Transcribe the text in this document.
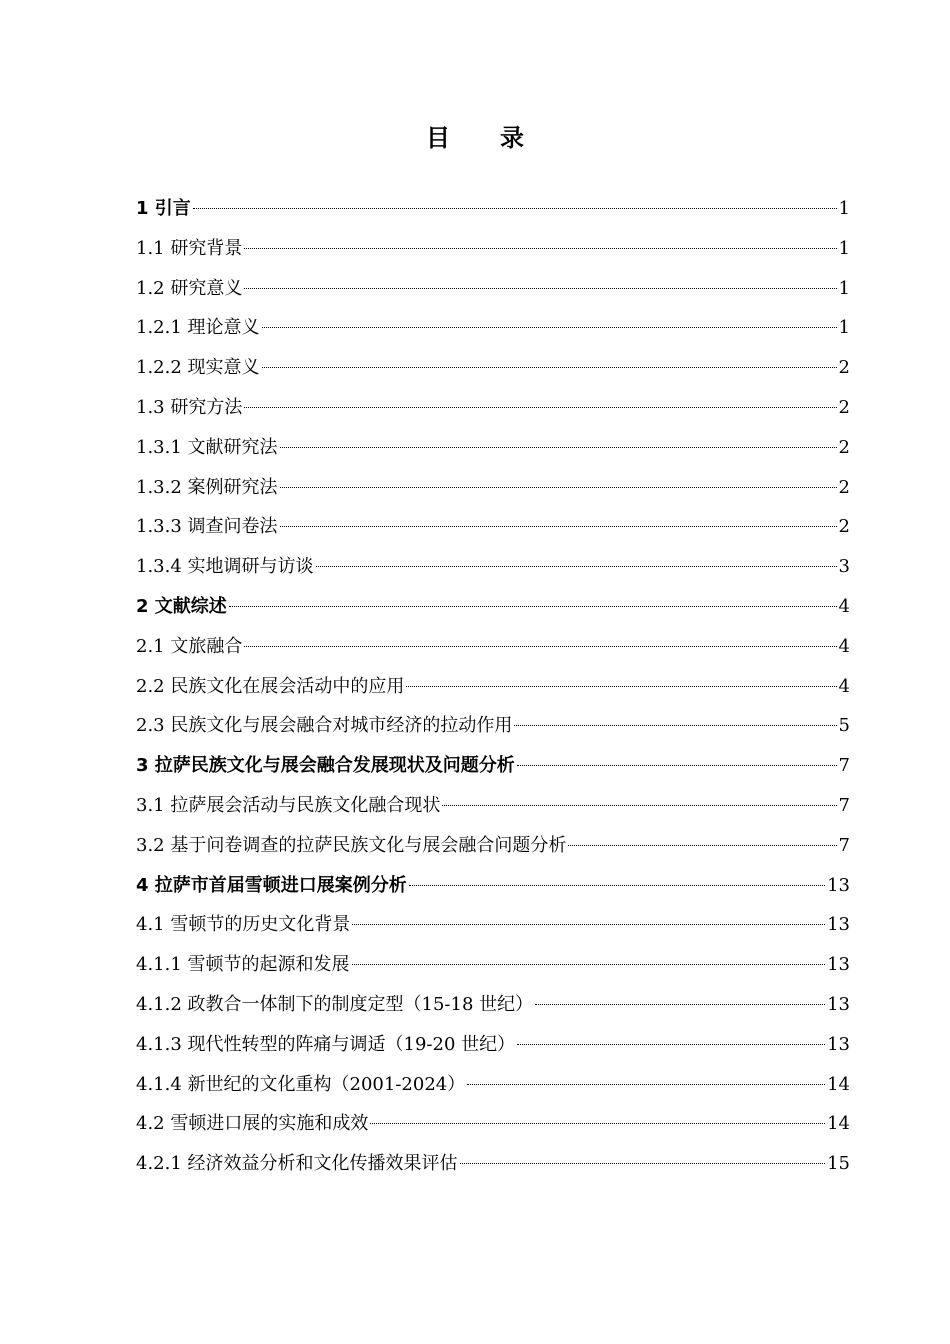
目 录
1 引言	1
1.1 研究背景	1
1.2 研究意义	1
1.2.1 理论意义	1
1.2.2 现实意义	2
1.3 研究方法	2
1.3.1 文献研究法	2
1.3.2 案例研究法	2
1.3.3 调查问卷法	2
1.3.4 实地调研与访谈	3
2 文献综述	4
2.1 文旅融合	4
2.2 民族文化在展会活动中的应用	4
2.3 民族文化与展会融合对城市经济的拉动作用	5
3 拉萨民族文化与展会融合发展现状及问题分析	7
3.1 拉萨展会活动与民族文化融合现状	7
3.2 基于问卷调查的拉萨民族文化与展会融合问题分析	7
4 拉萨市首届雪顿进口展案例分析	13
4.1 雪顿节的历史文化背景	13
4.1.1 雪顿节的起源和发展	13
4.1.2 政教合一体制下的制度定型（15-18 世纪）	13
4.1.3 现代性转型的阵痛与调适（19-20 世纪）	13
4.1.4 新世纪的文化重构（2001-2024）	14
4.2 雪顿进口展的实施和成效	14
4.2.1 经济效益分析和文化传播效果评估	15
